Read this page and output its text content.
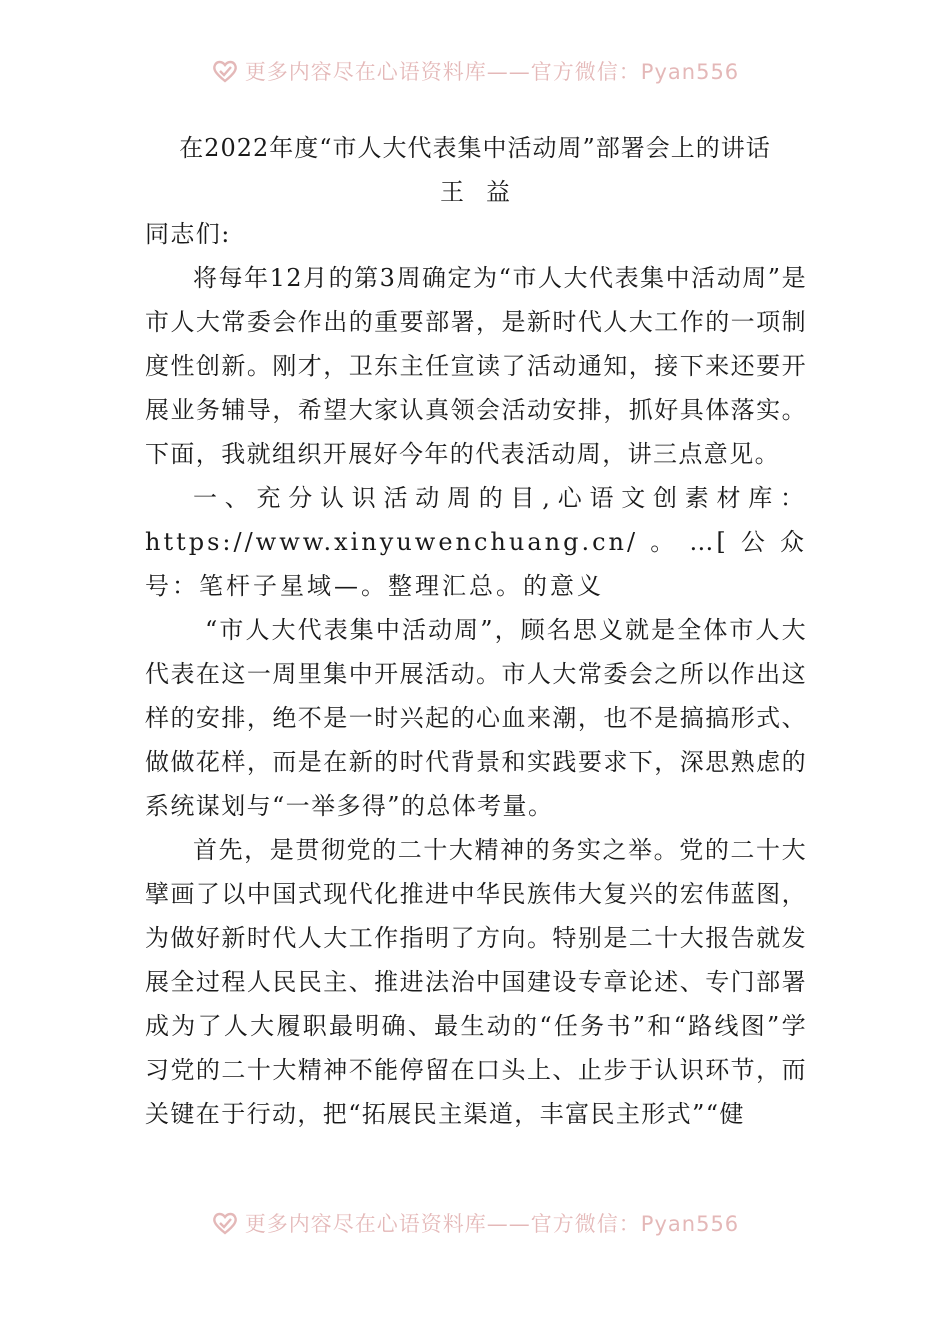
更多内容尽在心语资料库——官方微信：Pyan556
在2022年度“市人大代表集中活动周”部署会上的讲话
王益

同志们:

将每年12月的第3周确定为“市人大代表集中活动周”是市人大常委会作出的重要部署，是新时代人大工作的一项制度性创新。刚才，卫东主任宣读了活动通知，接下来还要开展业务辅导，希望大家认真领会活动安排，抓好具体落实。下面，我就组织开展好今年的代表活动周，讲三点意见。

一、充分认识活动周的目,心语文创素材库：https://www.xinyuwenchuang.cn/。…[公众号：笔杆子星域—。整理汇总。的意义

“市人大代表集中活动周”，顾名思义就是全体市人大代表在这一周里集中开展活动。市人大常委会之所以作出这样的安排，绝不是一时兴起的心血来潮，也不是搞搞形式、做做花样，而是在新的时代背景和实践要求下，深思熟虑的系统谋划与“一举多得”的总体考量。

首先，是贯彻党的二十大精神的务实之举。党的二十大擘画了以中国式现代化推进中华民族伟大复兴的宏伟蓝图，为做好新时代人大工作指明了方向。特别是二十大报告就发展全过程人民民主、推进法治中国建设专章论述、专门部署成为了人大履职最明确、最生动的“任务书”和“路线图”学习党的二十大精神不能停留在口头上、止步于认识环节，而关键在于行动，把“拓展民主渠道，丰富民主形式”“健

更多内容尽在心语资料库——官方微信：Pyan556
